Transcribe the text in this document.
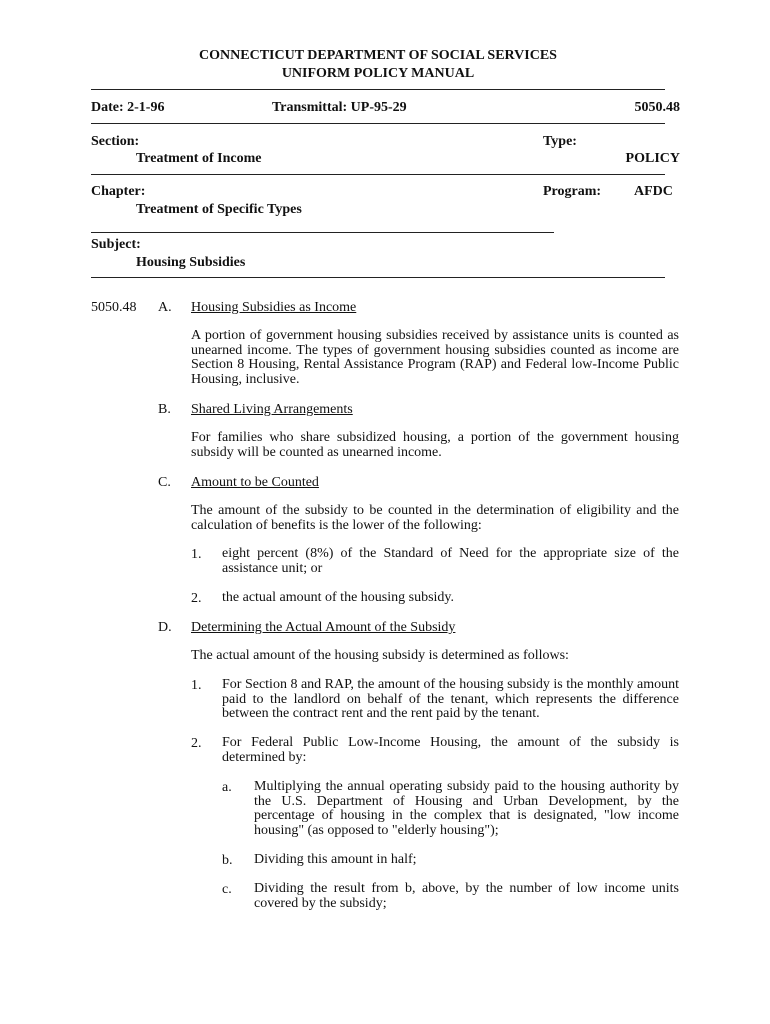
CONNECTICUT DEPARTMENT OF SOCIAL SERVICES
UNIFORM POLICY MANUAL
Date: 2-1-96	Transmittal: UP-95-29	5050.48
Section:
Treatment of Income
Type:
POLICY
Chapter:
Treatment of Specific Types
Program: AFDC
Subject:
Housing Subsidies
5050.48 A. Housing Subsidies as Income
A portion of government housing subsidies received by assistance units is counted as unearned income. The types of government housing subsidies counted as income are Section 8 Housing, Rental Assistance Program (RAP) and Federal low-Income Public Housing, inclusive.
B. Shared Living Arrangements
For families who share subsidized housing, a portion of the government housing subsidy will be counted as unearned income.
C. Amount to be Counted
The amount of the subsidy to be counted in the determination of eligibility and the calculation of benefits is the lower of the following:
1. eight percent (8%) of the Standard of Need for the appropriate size of the assistance unit; or
2. the actual amount of the housing subsidy.
D. Determining the Actual Amount of the Subsidy
The actual amount of the housing subsidy is determined as follows:
1. For Section 8 and RAP, the amount of the housing subsidy is the monthly amount paid to the landlord on behalf of the tenant, which represents the difference between the contract rent and the rent paid by the tenant.
2. For Federal Public Low-Income Housing, the amount of the subsidy is determined by:
a. Multiplying the annual operating subsidy paid to the housing authority by the U.S. Department of Housing and Urban Development, by the percentage of housing in the complex that is designated, "low income housing" (as opposed to "elderly housing");
b. Dividing this amount in half;
c. Dividing the result from b, above, by the number of low income units covered by the subsidy;
